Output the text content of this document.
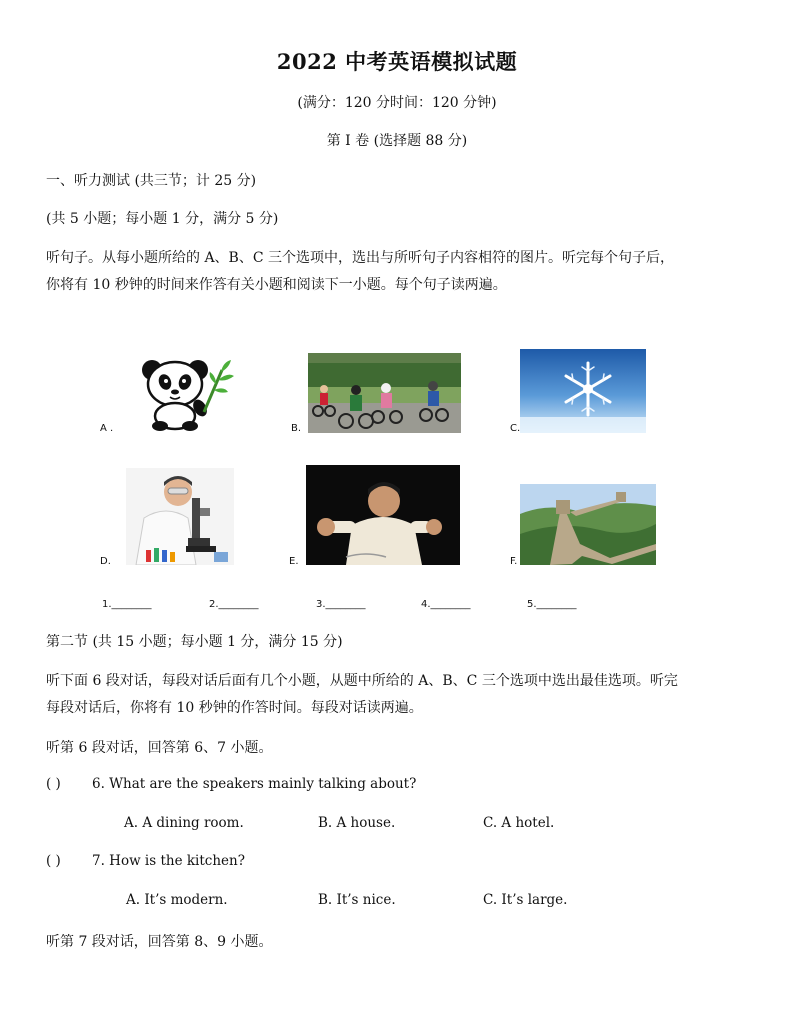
2022 中考英语模拟试题
(满分：120 分时间：120 分钟)
第 I 卷 (选择题 88 分)
一、听力测试 (共三节；计 25 分)
(共 5 小题；每小题 1 分，满分 5 分)
听句子。从每小题所给的 A、B、C 三个选项中，选出与所听句子内容相符的图片。听完每个句子后，
你将有 10 秒钟的时间来作答有关小题和阅读下一小题。每个句子读两遍。
A .	B.	C.
D.	E.	F.
1.________	2.________	3.________	4.________	5.________
第二节 (共 15 小题；每小题 1 分，满分 15 分)
听下面 6 段对话，每段对话后面有几个小题，从题中所给的 A、B、C 三个选项中选出最佳选项。听完
每段对话后，你将有 10 秒钟的作答时间。每段对话读两遍。
听第 6 段对话，回答第 6、7 小题。
( ) 6. What are the speakers mainly talking about?
A. A dining room.	B. A house.	C. A hotel.
( ) 7. How is the kitchen?
A. It’s modern.	B. It’s nice.	C. It’s large.
听第 7 段对话，回答第 8、9 小题。
